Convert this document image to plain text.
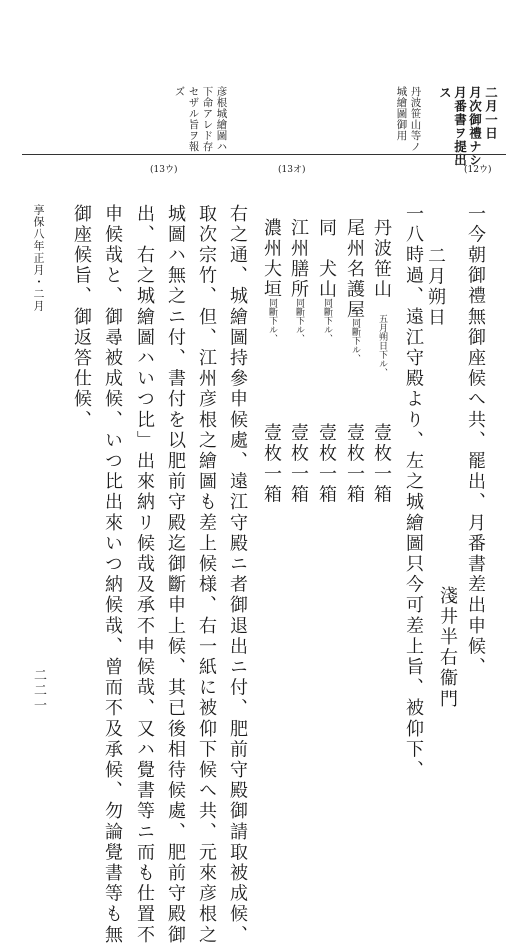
二月一日
月次御禮ナシ
月番書ヲ提出
ス
丹波笹山等ノ
城繪圖御用
彦根城繪圖ハ
下命アレド存
セザル旨ヲ報
ズ
(12ウ)
(13オ)
(13ウ)
一今朝御禮無御座候へ共、罷出、月番書差出申候、
淺井半右衞門
二月朔日
一八時過、遠江守殿より、左之城繪圖只今可差上旨、被仰下、
丹波笹山
五月朔日下ル、
壹枚一箱
尾州名護屋
同斷下ル、
壹枚一箱
同　犬山
同斷下ル、
壹枚一箱
江州膳所
同斷下ル、
壹枚一箱
濃州大垣
同斷下ル、
壹枚一箱
右之通、城繪圖持參申候處、遠江守殿ニ者御退出ニ付、肥前守殿御請取被成候、
取次宗竹、但、江州彦根之繪圖も差上候様、右一紙に被仰下候へ共、元來彦根之
城圖ハ無之ニ付、書付を以肥前守殿迄御斷申上候、其已後相待候處、肥前守殿御
出、右之城繪圖ハいつ比」出來納リ候哉及承不申候哉、又ハ覺書等ニ而も仕置不
申候哉と、御尋被成候、いつ比出來いつ納候哉、曾而不及承候、勿論覺書等も無
御座候旨、御返答仕候、
享保八年正月・二月
二二一
